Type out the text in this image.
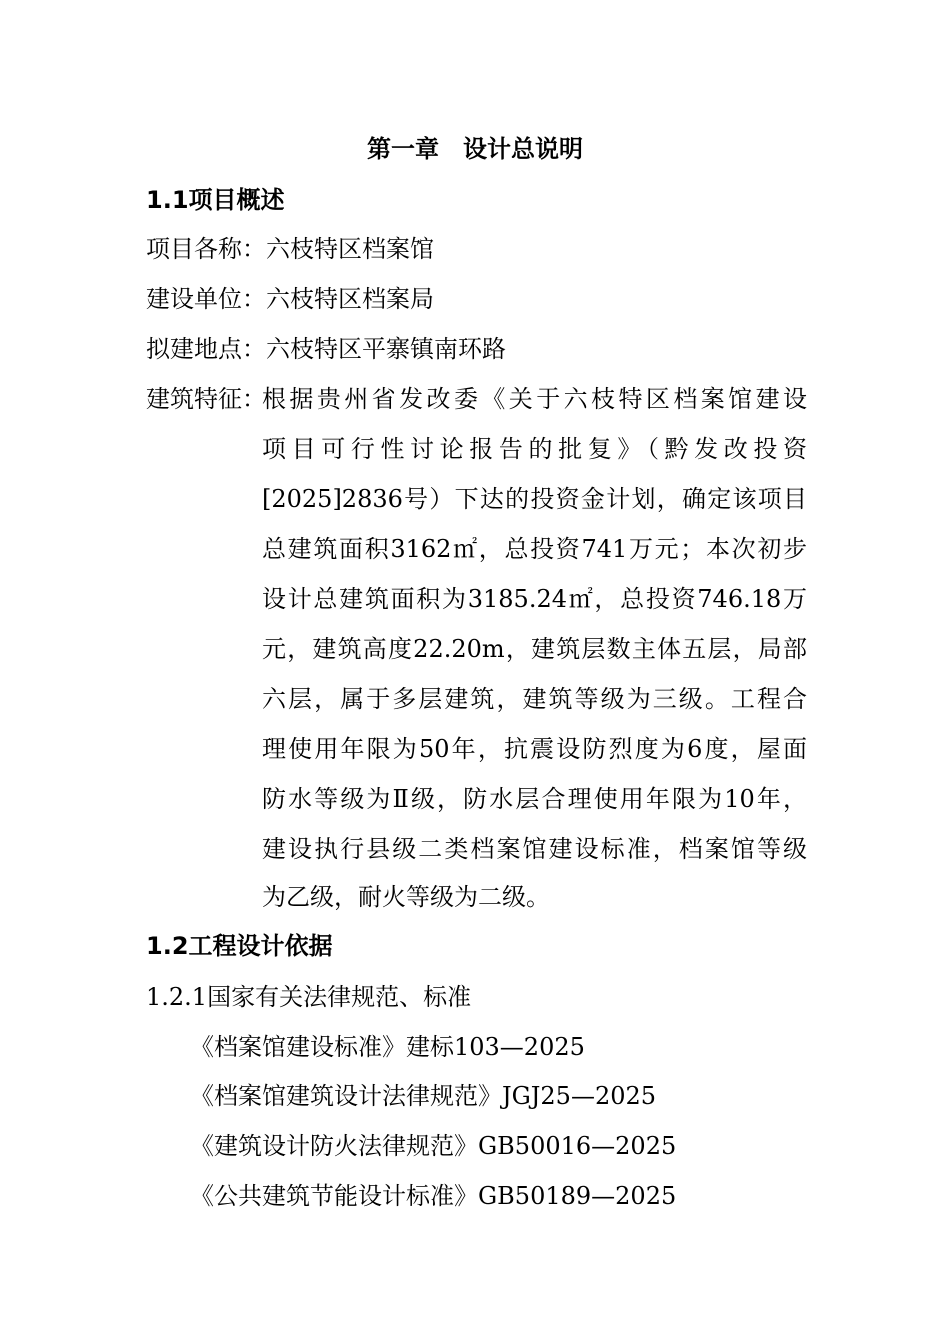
第一章　设计总说明
1.1项目概述
项目各称：六枝特区档案馆
建设单位：六枝特区档案局
拟建地点：六枝特区平寨镇南环路
建筑特征：
根据贵州省发改委《关于六枝特区档案馆建设
项目可行性讨论报告的批复》（黔发改投资
[2025]2836号）下达的投资金计划，确定该项目
总建筑面积3162㎡，总投资741万元；本次初步
设计总建筑面积为3185.24㎡，总投资746.18万
元，建筑高度22.20m，建筑层数主体五层，局部
六层，属于多层建筑，建筑等级为三级。工程合
理使用年限为50年，抗震设防烈度为6度，屋面
防水等级为Ⅱ级，防水层合理使用年限为10年，
建设执行县级二类档案馆建设标准，档案馆等级
为乙级，耐火等级为二级。
1.2工程设计依据
1.2.1国家有关法律规范、标准
《档案馆建设标准》建标103—2025
《档案馆建筑设计法律规范》JGJ25—2025
《建筑设计防火法律规范》GB50016—2025
《公共建筑节能设计标准》GB50189—2025
